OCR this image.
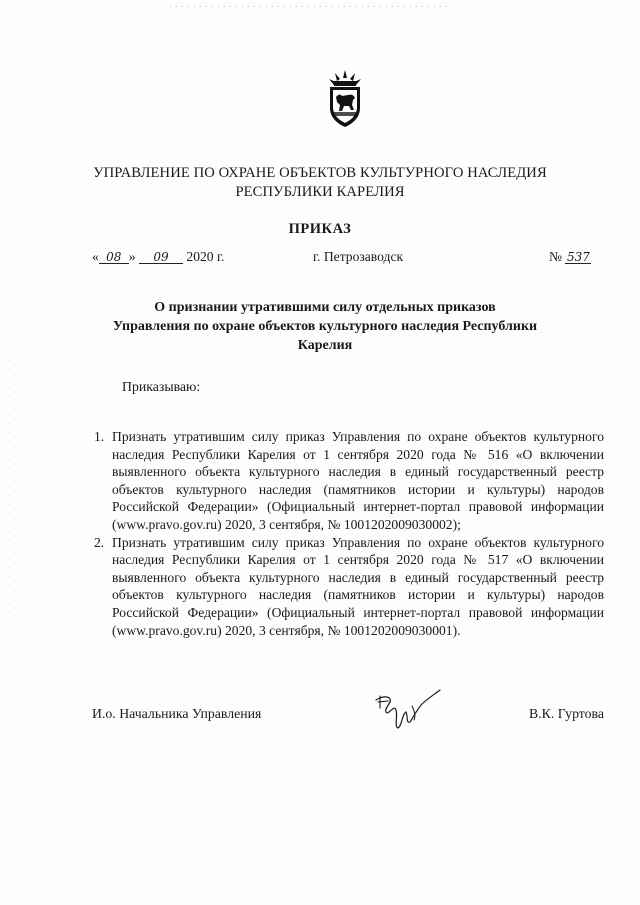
УПРАВЛЕНИЕ ПО ОХРАНЕ ОБЪЕКТОВ КУЛЬТУРНОГО НАСЛЕДИЯ
РЕСПУБЛИКИ КАРЕЛИЯ
ПРИКАЗ
« 08 » 09 2020 г.	г. Петрозаводск	№ 537
О признании утратившими силу отдельных приказов
Управления по охране объектов культурного наследия Республики
Карелия
Приказываю:
1. Признать утратившим силу приказ Управления по охране объектов культурного наследия Республики Карелия от 1 сентября 2020 года № 516 «О включении выявленного объекта культурного наследия в единый государственный реестр объектов культурного наследия (памятников истории и культуры) народов Российской Федерации» (Официальный интернет-портал правовой информации (www.pravo.gov.ru) 2020, 3 сентября, № 1001202009030002);
2. Признать утратившим силу приказ Управления по охране объектов культурного наследия Республики Карелия от 1 сентября 2020 года № 517 «О включении выявленного объекта культурного наследия в единый государственный реестр объектов культурного наследия (памятников истории и культуры) народов Российской Федерации» (Официальный интернет-портал правовой информации (www.pravo.gov.ru) 2020, 3 сентября, № 1001202009030001).
И.о. Начальника Управления	В.К. Гуртова
